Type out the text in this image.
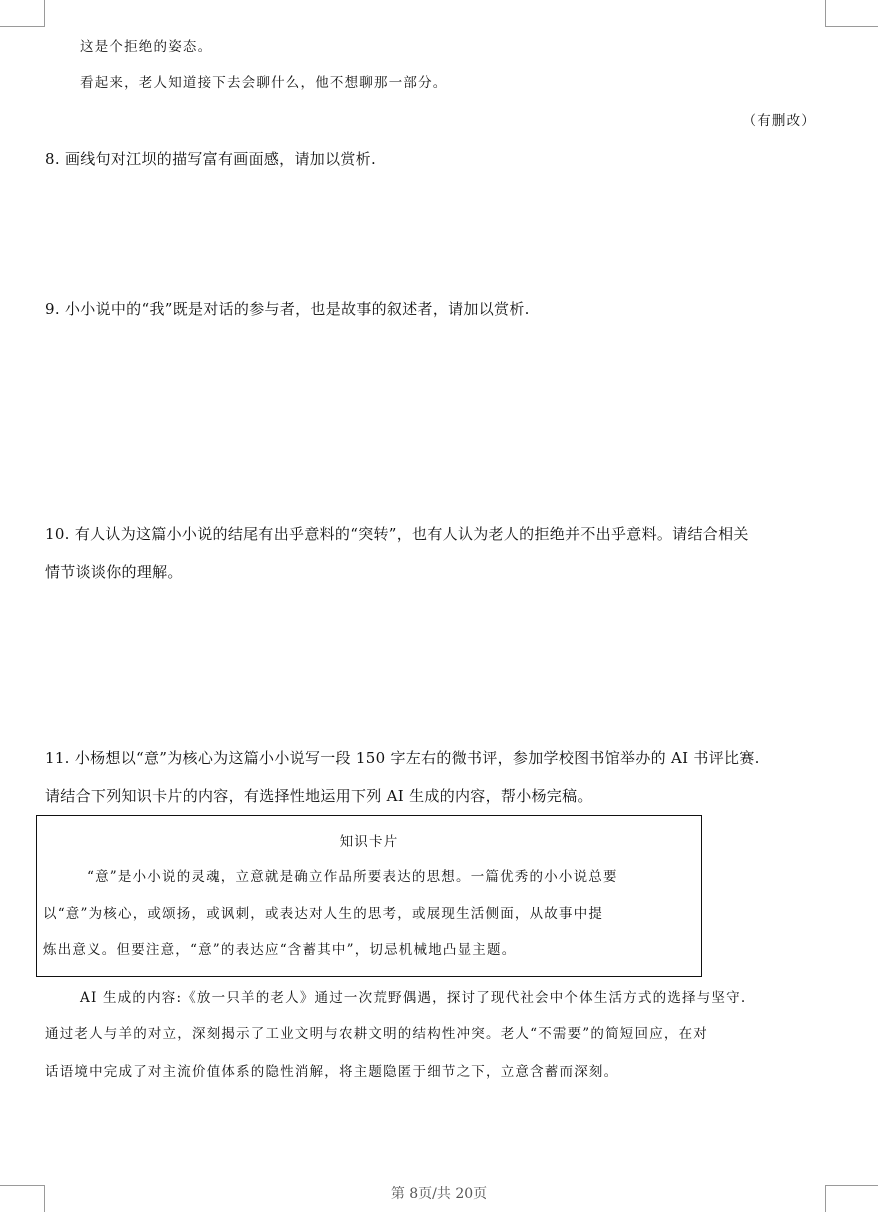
这是个拒绝的姿态。
看起来，老人知道接下去会聊什么，他不想聊那一部分。
（有删改）
8. 画线句对江坝的描写富有画面感，请加以赏析.
9. 小小说中的“我”既是对话的参与者，也是故事的叙述者，请加以赏析.
10. 有人认为这篇小小说的结尾有出乎意料的“突转”，也有人认为老人的拒绝并不出乎意料。请结合相关
情节谈谈你的理解。
11. 小杨想以“意”为核心为这篇小小说写一段 150 字左右的微书评，参加学校图书馆举办的 AI 书评比赛.
请结合下列知识卡片的内容，有选择性地运用下列 AI 生成的内容，帮小杨完稿。
知识卡片
“意”是小小说的灵魂，立意就是确立作品所要表达的思想。一篇优秀的小小说总要
以“意”为核心，或颂扬，或讽刺，或表达对人生的思考，或展现生活侧面，从故事中提
炼出意义。但要注意，“意”的表达应“含蓄其中”，切忌机械地凸显主题。
AI 生成的内容:《放一只羊的老人》通过一次荒野偶遇，探讨了现代社会中个体生活方式的选择与坚守.
通过老人与羊的对立，深刻揭示了工业文明与农耕文明的结构性冲突。老人“不需要”的简短回应，在对
话语境中完成了对主流价值体系的隐性消解，将主题隐匿于细节之下，立意含蓄而深刻。
第 8页/共 20页
